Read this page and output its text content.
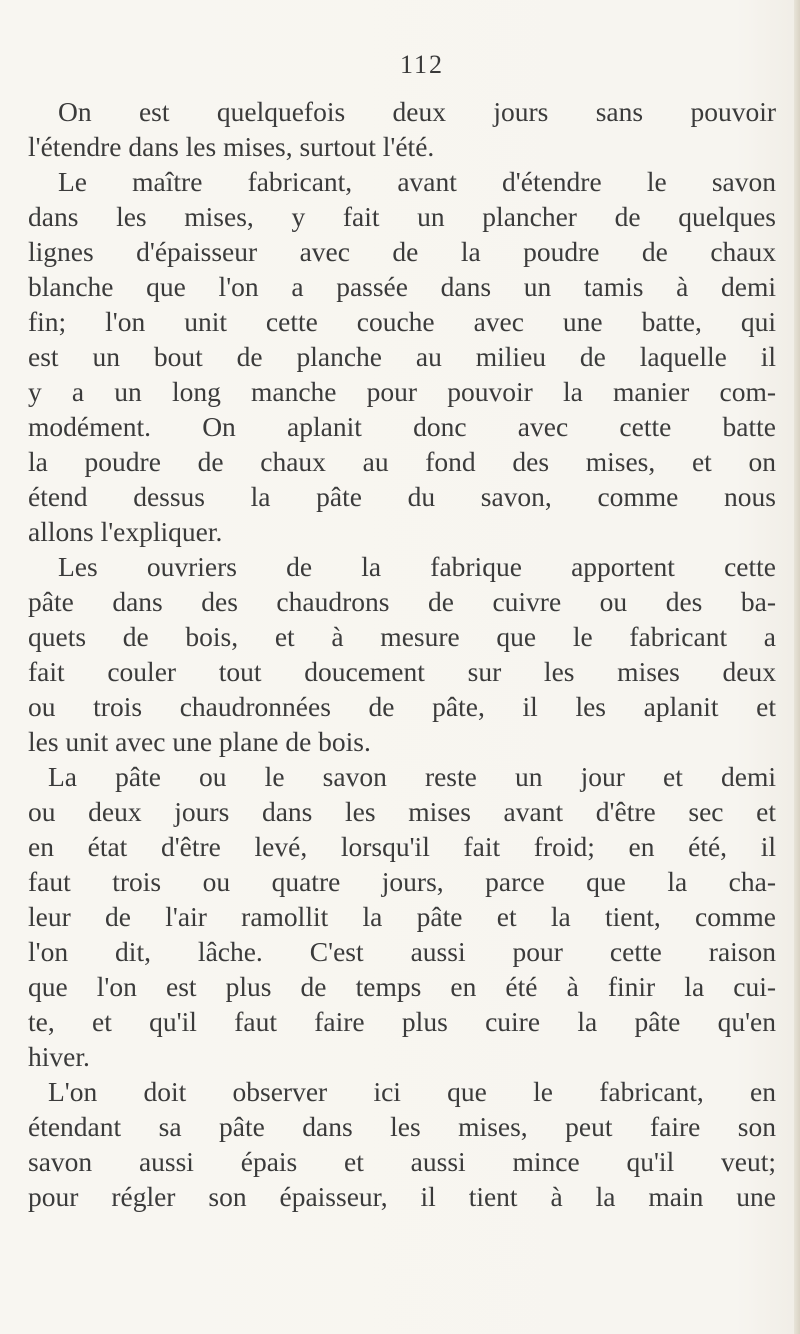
112
On est quelquefois deux jours sans pouvoir
l'étendre dans les mises, surtout l'été.
Le maître fabricant, avant d'étendre le savon
dans les mises, y fait un plancher de quelques
lignes d'épaisseur avec de la poudre de chaux
blanche que l'on a passée dans un tamis à demi
fin; l'on unit cette couche avec une batte, qui
est un bout de planche au milieu de laquelle il
y a un long manche pour pouvoir la manier com-
modément. On aplanit donc avec cette batte
la poudre de chaux au fond des mises, et on
étend dessus la pâte du savon, comme nous
allons l'expliquer.
Les ouvriers de la fabrique apportent cette
pâte dans des chaudrons de cuivre ou des ba-
quets de bois, et à mesure que le fabricant a
fait couler tout doucement sur les mises deux
ou trois chaudronnées de pâte, il les aplanit et
les unit avec une plane de bois.
La pâte ou le savon reste un jour et demi
ou deux jours dans les mises avant d'être sec et
en état d'être levé, lorsqu'il fait froid; en été, il
faut trois ou quatre jours, parce que la cha-
leur de l'air ramollit la pâte et la tient, comme
l'on dit, lâche. C'est aussi pour cette raison
que l'on est plus de temps en été à finir la cui-
te, et qu'il faut faire plus cuire la pâte qu'en
hiver.
L'on doit observer ici que le fabricant, en
étendant sa pâte dans les mises, peut faire son
savon aussi épais et aussi mince qu'il veut;
pour régler son épaisseur, il tient à la main une
